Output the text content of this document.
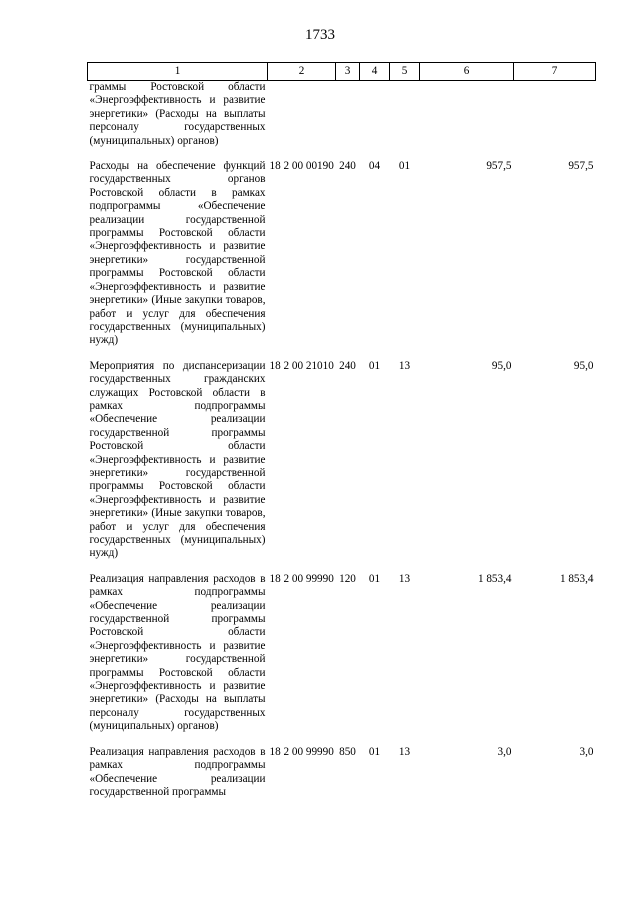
1733
1	2	3	4	5	6	7
граммы Ростовской области «Энергоэффективность и развитие энергетики» (Расходы на выплаты персоналу государственных (муниципальных) органов)						
Расходы на обеспечение функций государственных органов Ростовской области в рамках подпрограммы «Обеспечение реализации государственной программы Ростовской области «Энергоэффективность и развитие энергетики» государственной программы Ростовской области «Энергоэффективность и развитие энергетики» (Иные закупки товаров, работ и услуг для обеспечения государственных (муниципальных) нужд)	18 2 00 00190	240	04	01	957,5	957,5
Мероприятия по диспансеризации государственных гражданских служащих Ростовской области в рамках подпрограммы «Обеспечение реализации государственной программы Ростовской области «Энергоэффективность и развитие энергетики» государственной программы Ростовской области «Энергоэффективность и развитие энергетики» (Иные закупки товаров, работ и услуг для обеспечения государственных (муниципальных) нужд)	18 2 00 21010	240	01	13	95,0	95,0
Реализация направления расходов в рамках подпрограммы «Обеспечение реализации государственной программы Ростовской области «Энергоэффективность и развитие энергетики» государственной программы Ростовской области «Энергоэффективность и развитие энергетики» (Расходы на выплаты персоналу государственных (муниципальных) органов)	18 2 00 99990	120	01	13	1 853,4	1 853,4
Реализация направления расходов в рамках подпрограммы «Обеспечение реализации государственной программы	18 2 00 99990	850	01	13	3,0	3,0
